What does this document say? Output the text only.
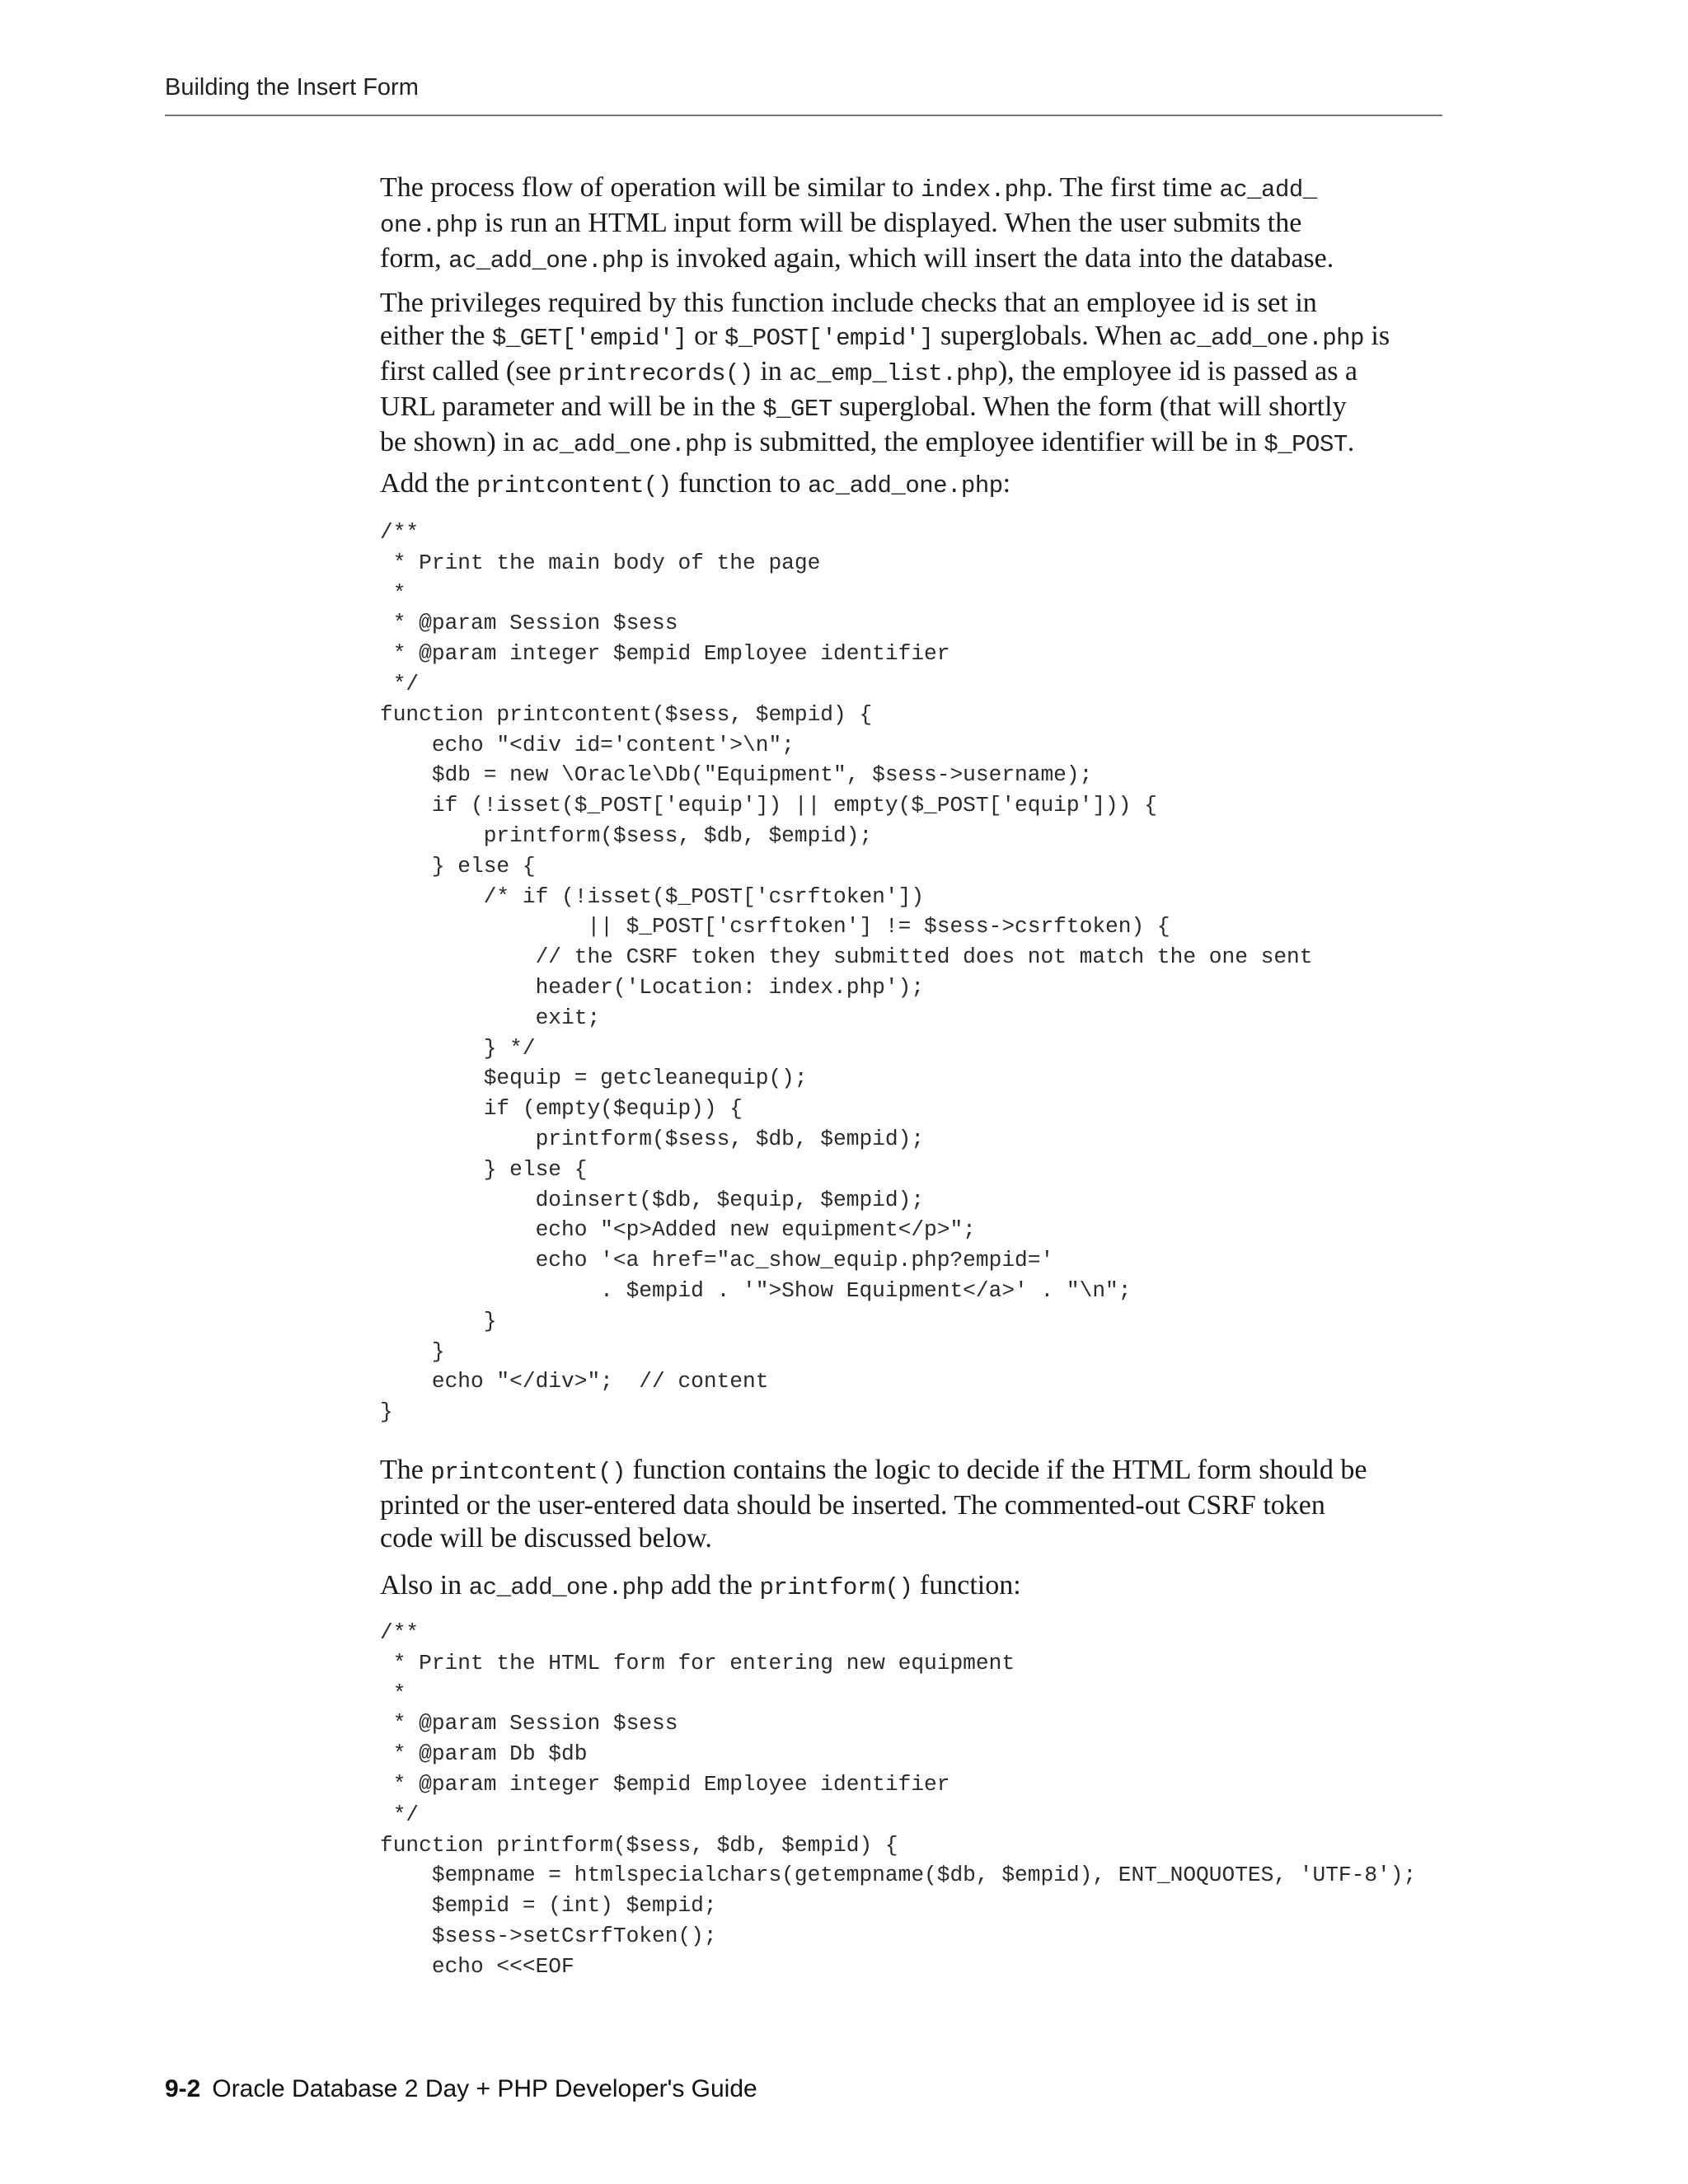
Building the Insert Form

The process flow of operation will be similar to index.php. The first time ac_add_
one.php is run an HTML input form will be displayed. When the user submits the
form, ac_add_one.php is invoked again, which will insert the data into the database.

The privileges required by this function include checks that an employee id is set in
either the $_GET['empid'] or $_POST['empid'] superglobals. When ac_add_one.php is
first called (see printrecords() in ac_emp_list.php), the employee id is passed as a
URL parameter and will be in the $_GET superglobal. When the form (that will shortly
be shown) in ac_add_one.php is submitted, the employee identifier will be in $_POST.

Add the printcontent() function to ac_add_one.php:

/**
* Print the main body of the page
*
* @param Session $sess
* @param integer $empid Employee identifier
*/
function printcontent($sess, $empid) {
echo "<div id='content'>\n";
$db = new \Oracle\Db("Equipment", $sess->username);
if (!isset($_POST['equip']) || empty($_POST['equip'])) {
printform($sess, $db, $empid);
} else {
/* if (!isset($_POST['csrftoken'])
|| $_POST['csrftoken'] != $sess->csrftoken) {
// the CSRF token they submitted does not match the one sent
header('Location: index.php');
exit;
} */
$equip = getcleanequip();
if (empty($equip)) {
printform($sess, $db, $empid);
} else {
doinsert($db, $equip, $empid);
echo "<p>Added new equipment</p>";
echo '<a href="ac_show_equip.php?empid='
. $empid . '">Show Equipment</a>' . "\n";
}
}
echo "</div>";  // content
}

The printcontent() function contains the logic to decide if the HTML form should be
printed or the user-entered data should be inserted. The commented-out CSRF token
code will be discussed below.

Also in ac_add_one.php add the printform() function:

/**
* Print the HTML form for entering new equipment
*
* @param Session $sess
* @param Db $db
* @param integer $empid Employee identifier
*/
function printform($sess, $db, $empid) {
$empname = htmlspecialchars(getempname($db, $empid), ENT_NOQUOTES, 'UTF-8');
$empid = (int) $empid;
$sess->setCsrfToken();
echo <<<EOF

9-2 Oracle Database 2 Day + PHP Developer's Guide
